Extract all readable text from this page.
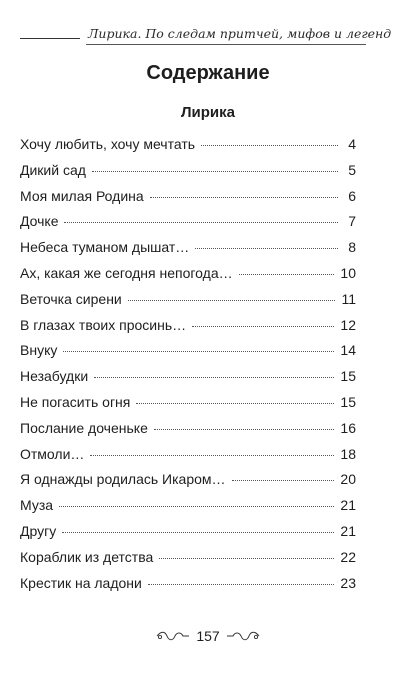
Лирика. По следам притчей, мифов и легенд
Содержание
Лирика
Хочу любить, хочу мечтать	4
Дикий сад	5
Моя милая Родина	6
Дочке	7
Небеса туманом дышат…	8
Ах, какая же сегодня непогода…	10
Веточка сирени	11
В глазах твоих просинь…	12
Внуку	14
Незабудки	15
Не погасить огня	15
Послание доченьке	16
Отмоли…	18
Я однажды родилась Икаром…	20
Муза	21
Другу	21
Кораблик из детства	22
Крестик на ладони	23
157
